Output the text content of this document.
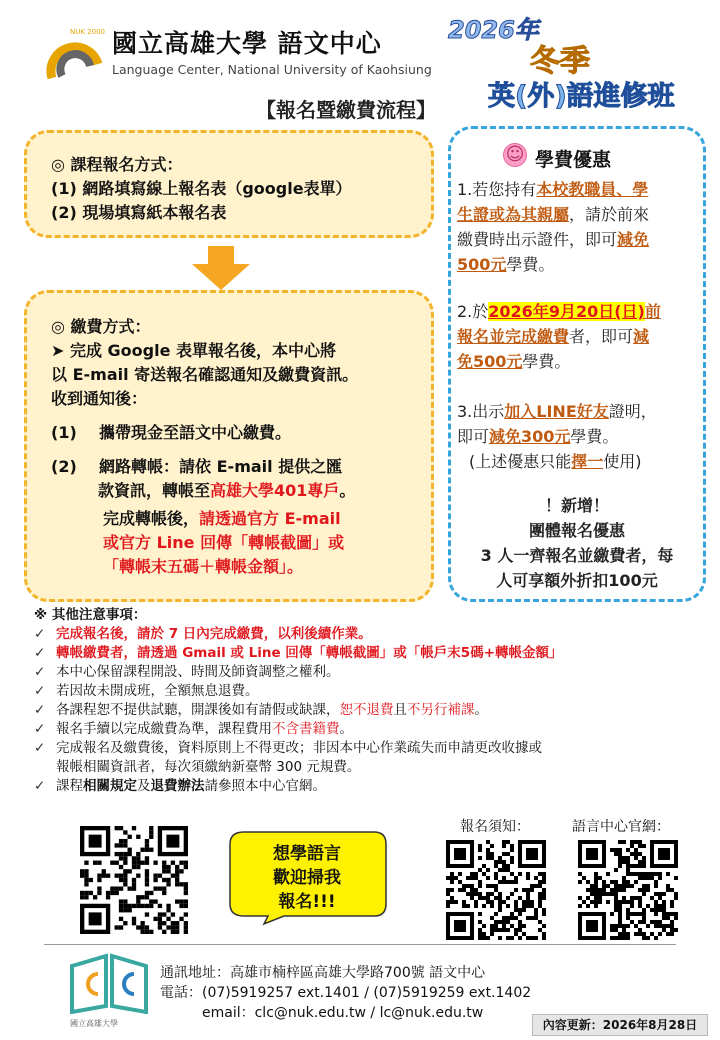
NUK 2000 國立高雄大學 語文中心
Language Center, National University of Kaohsiung
2026年
冬季
英(外)語進修班
【報名暨繳費流程】
◎ 課程報名方式：
(1) 網路填寫線上報名表（google表單）
(2) 現場填寫紙本報名表
◎ 繳費方式：
➤ 完成 Google 表單報名後，本中心將
以 E-mail 寄送報名確認通知及繳費資訊。
收到通知後：
(1) 攜帶現金至語文中心繳費。
(2) 網路轉帳：請依 E-mail 提供之匯
款資訊，轉帳至高雄大學401專戶。
完成轉帳後，請透過官方 E-mail
或官方 Line 回傳「轉帳截圖」或
「轉帳末五碼＋轉帳金額」。
☺ 學費優惠
1.若您持有本校教職員、學
生證或為其親屬，請於前來
繳費時出示證件，即可減免
500元學費。
2.於2026年9月20日(日)前
報名並完成繳費者，即可減
免500元學費。
3.出示加入LINE好友證明，
即可減免300元學費。
(上述優惠只能擇一使用)
！新增！
團體報名優惠
3 人一齊報名並繳費者，每
人可享額外折扣100元
※ 其他注意事項：
✓ 完成報名後，請於 7 日內完成繳費，以利後續作業。
✓ 轉帳繳費者，請透過 Gmail 或 Line 回傳「轉帳截圖」或「帳戶末5碼+轉帳金額」
✓ 本中心保留課程開設、時間及師資調整之權利。
✓ 若因故未開成班，全額無息退費。
✓ 各課程恕不提供試聽，開課後如有請假或缺課，恕不退費且不另行補課。
✓ 報名手續以完成繳費為準，課程費用不含書籍費。
✓ 完成報名及繳費後，資料原則上不得更改；非因本中心作業疏失而申請更改收據或
報帳相關資訊者，每次須繳納新臺幣 300 元規費。
✓ 課程相關規定及退費辦法請參照本中心官網。
想學語言
歡迎掃我
報名!!!
報名須知：	語言中心官網：
國立高雄大學
通訊地址：高雄市楠梓區高雄大學路700號 語文中心
電話：(07)5919257 ext.1401 / (07)5919259 ext.1402
email：clc@nuk.edu.tw / lc@nuk.edu.tw
內容更新：2026年8月28日
